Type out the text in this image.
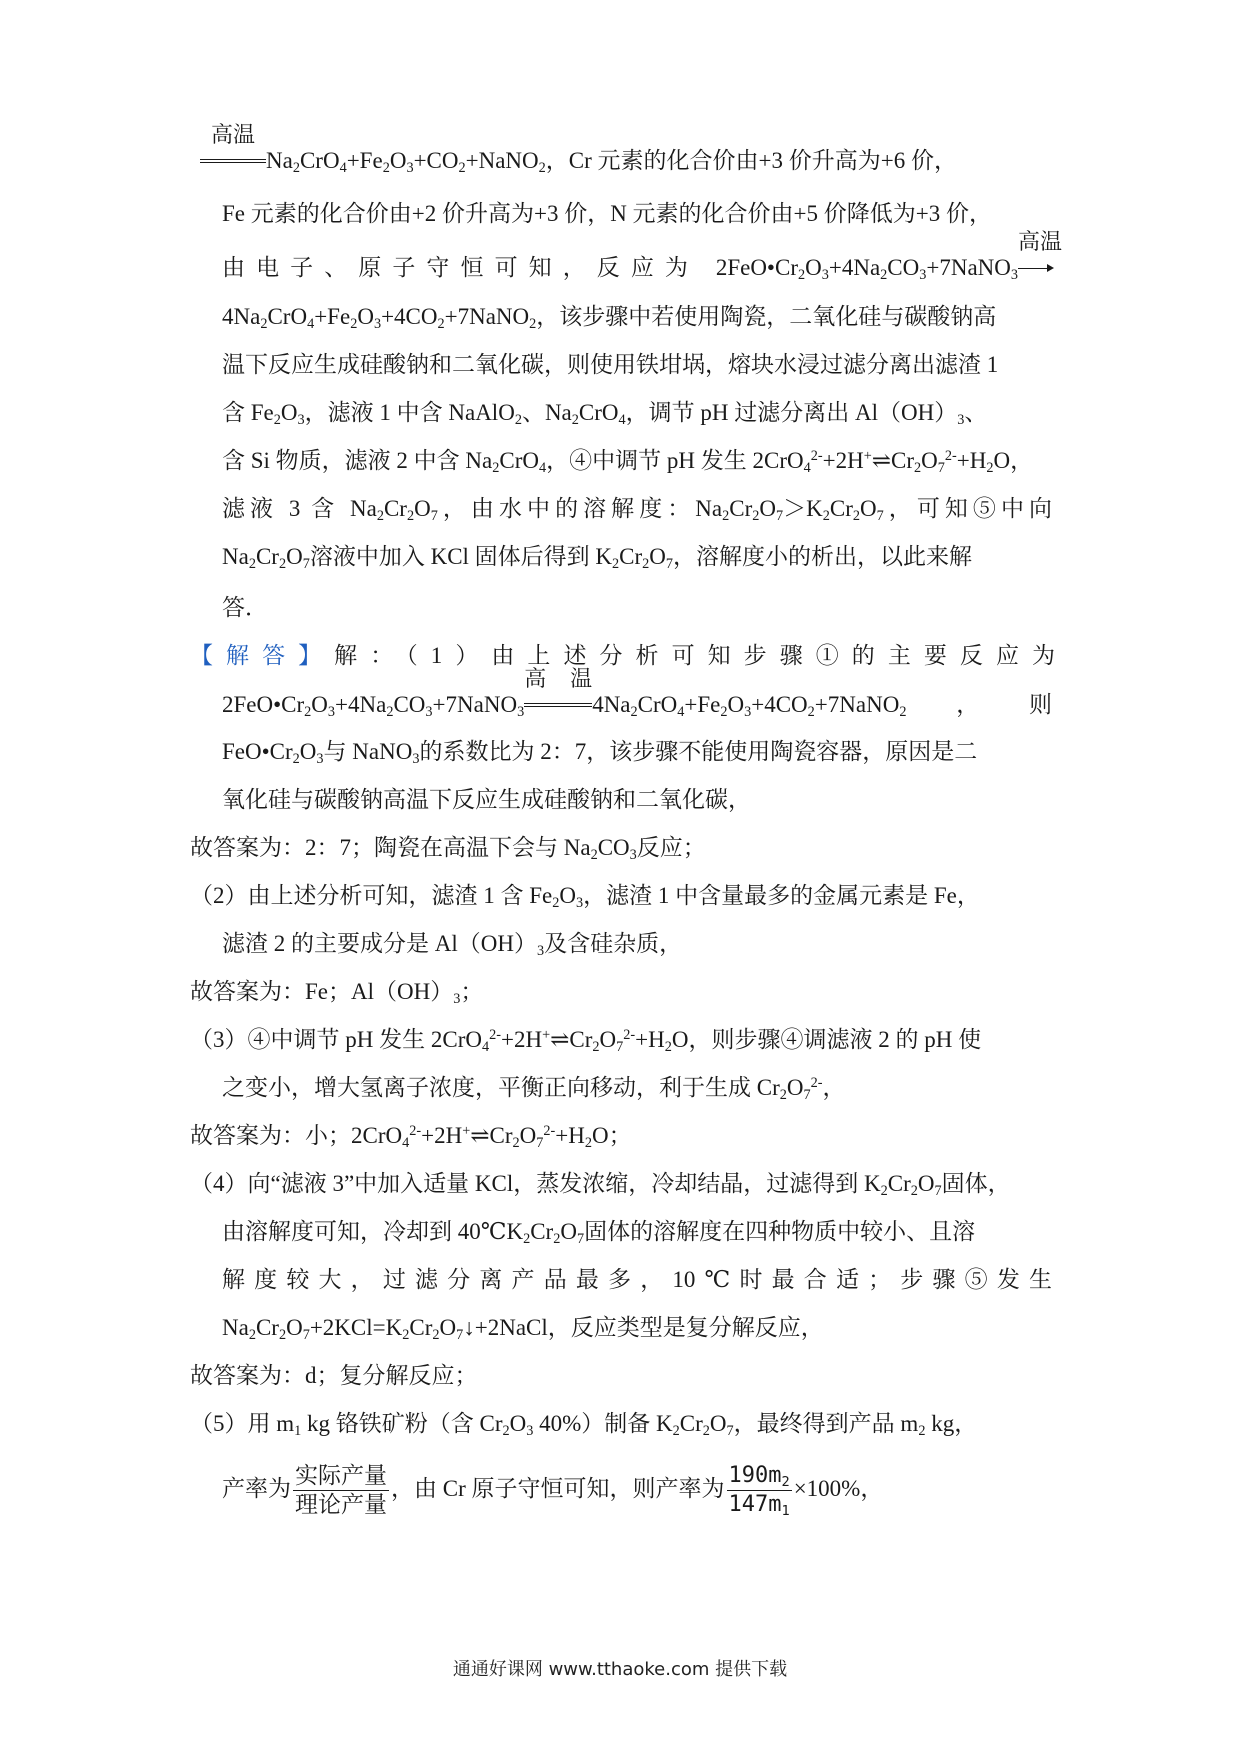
高温
$Na_2CrO_4+Fe_2O_3+CO_2+NaNO_2$，Cr 元素的化合价由+3 价升高为+6 价，
Fe 元素的化合价由+2 价升高为+3 价，N 元素的化合价由+5 价降低为+3 价，
由电子、原子守恒可知，反应为 $2FeO•Cr_2O_3+4Na_2CO_3+7NaNO_3$
高温
$4Na_2CrO_4+Fe_2O_3+4CO_2+7NaNO_2$，该步骤中若使用陶瓷，二氧化硅与碳酸钠高
温下反应生成硅酸钠和二氧化碳，则使用铁坩埚，熔块水浸过滤分离出滤渣 1
含 $Fe_2O_3$，滤液 1 中含 NaAlO$_2$、$Na_2CrO_4$，调节 pH 过滤分离出 $Al(OH)_3$、
含 Si 物质，滤液 2 中含 $Na_2CrO_4$，④中调节 pH 发生 $2CrO_4^{2-}+2H^+\rightleftharpoons Cr_2O_7^{2-}+H_2O$，
滤液 3 含 $Na_2Cr_2O_7$，由水中的溶解度：$Na_2Cr_2O_7>K_2Cr_2O_7$，可知⑤中向
$Na_2Cr_2O_7$溶液中加入 KCl 固体后得到 $K_2Cr_2O_7$，溶解度小的析出，以此来解
答．
【解答】解：（1）由上述分析可知步骤①的主要反应为
$2FeO•Cr_2O_3+4Na_2CO_3+7NaNO_3$
高温
$4Na_2CrO_4+Fe_2O_3+4CO_2+7NaNO_2$，则
$FeO•Cr_2O_3$与 NaNO$_3$的系数比为 2：7，该步骤不能使用陶瓷容器，原因是二
氧化硅与碳酸钠高温下反应生成硅酸钠和二氧化碳，
故答案为：2：7；陶瓷在高温下会与 $Na_2CO_3$反应；
（2）由上述分析可知，滤渣 1 含 $Fe_2O_3$，滤渣 1 中含量最多的金属元素是 Fe，
滤渣 2 的主要成分是 $Al(OH)_3$及含硅杂质，
故答案为：Fe；$Al(OH)_3$；
（3）④中调节 pH 发生 $2CrO_4^{2-}+2H^+\rightleftharpoons Cr_2O_7^{2-}+H_2O$，则步骤④调滤液 2 的 pH 使
之变小，增大氢离子浓度，平衡正向移动，利于生成 $Cr_2O_7^{2-}$，
故答案为：小；$2CrO_4^{2-}+2H^+\rightleftharpoons Cr_2O_7^{2-}+H_2O$；
（4）向“滤液 3”中加入适量 KCl，蒸发浓缩，冷却结晶，过滤得到 $K_2Cr_2O_7$固体，
由溶解度可知，冷却到 $40℃K_2Cr_2O_7$固体的溶解度在四种物质中较小、且溶
解度较大，过滤分离产品最多，10℃时最合适；步骤⑤发生
$Na_2Cr_2O_7+2KCl=K_2Cr_2O_7↓+2NaCl$，反应类型是复分解反应，
故答案为：d；复分解反应；
（5）用 $m_1$ kg 铬铁矿粉（含 $Cr_2O_3$ 40%）制备 $K_2Cr_2O_7$，最终得到产品 $m_2$ kg，
产率为 $\frac{\text{实际产量}}{\text{理论产量}}$ ，由 Cr 原子守恒可知，则产率为 $\frac{190m_2}{147m_1} \times 100\%$，
通通好课网 www.tthaoke.com 提供下载
